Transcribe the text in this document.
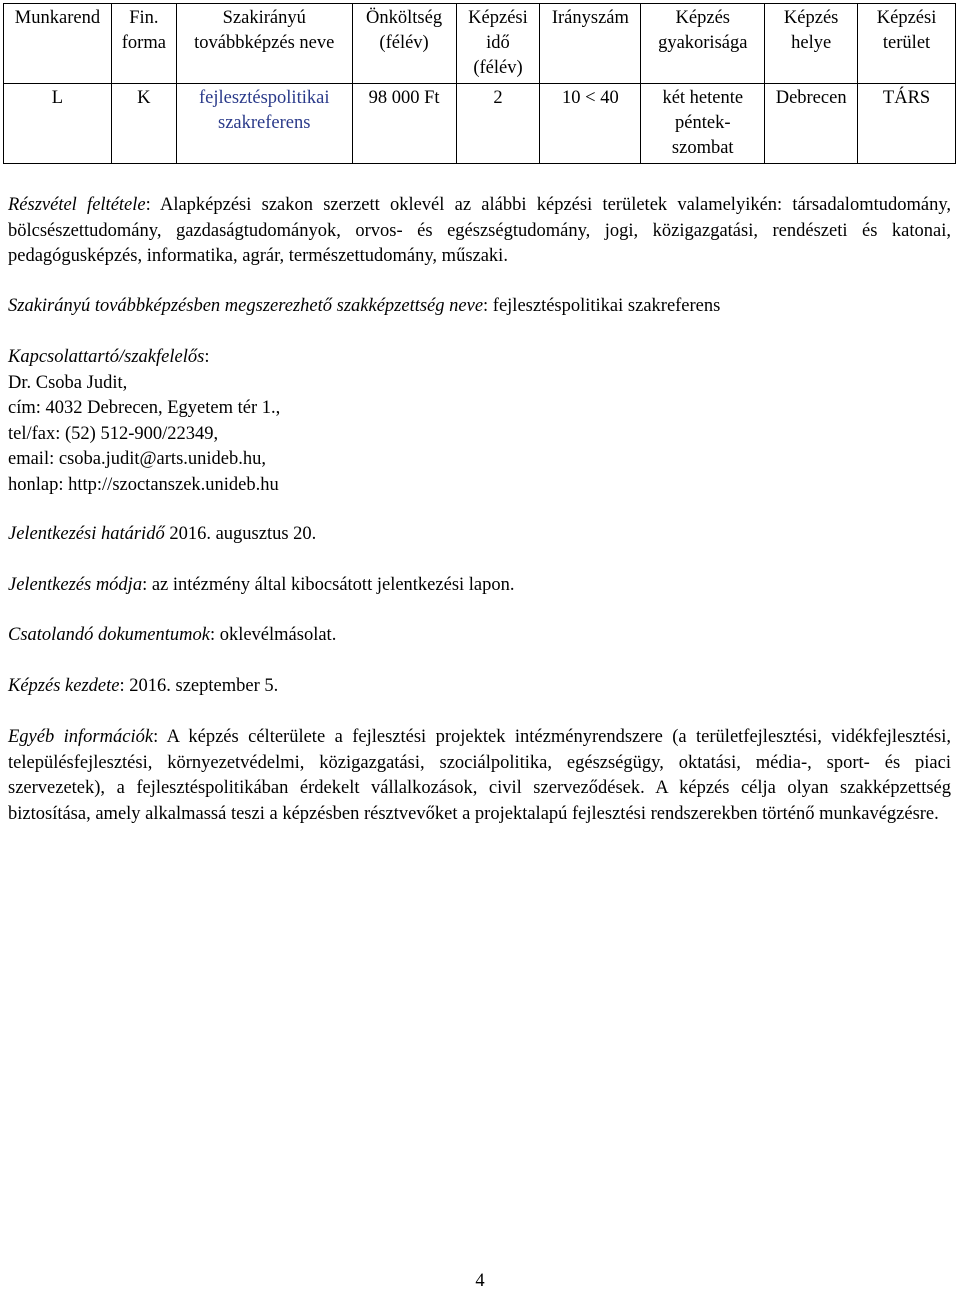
Munkarend	Fin. forma	Szakirányú továbbképzés neve	Önköltség (félév)	Képzési idő (félév)	Irányszám	Képzés gyakorisága	Képzés helye	Képzési terület
L	K	fejlesztéspolitikai szakreferens	98 000 Ft	2	10 < 40	két hetente péntek-szombat	Debrecen	TÁRS
Részvétel feltétele: Alapképzési szakon szerzett oklevél az alábbi képzési területek valamelyikén: társadalomtudomány, bölcsészettudomány, gazdaságtudományok, orvos- és egészségtudomány, jogi, közigazgatási, rendészeti és katonai, pedagógusképzés, informatika, agrár, természettudomány, műszaki.
Szakirányú továbbképzésben megszerezhető szakképzettség neve: fejlesztéspolitikai szakreferens
Kapcsolattartó/szakfelelős:
Dr. Csoba Judit,
cím: 4032 Debrecen, Egyetem tér 1.,
tel/fax: (52) 512-900/22349,
email: csoba.judit@arts.unideb.hu,
honlap: http://szoctanszek.unideb.hu
Jelentkezési határidő 2016. augusztus 20.
Jelentkezés módja: az intézmény által kibocsátott jelentkezési lapon.
Csatolandó dokumentumok: oklevélmásolat.
Képzés kezdete: 2016. szeptember 5.
Egyéb információk: A képzés célterülete a fejlesztési projektek intézményrendszere (a területfejlesztési, vidékfejlesztési, településfejlesztési, környezetvédelmi, közigazgatási, szociálpolitika, egészségügy, oktatási, média-, sport- és piaci szervezetek), a fejlesztéspolitikában érdekelt vállalkozások, civil szerveződések. A képzés célja olyan szakképzettség biztosítása, amely alkalmassá teszi a képzésben résztvevőket a projektalapú fejlesztési rendszerekben történő munkavégzésre.
4
